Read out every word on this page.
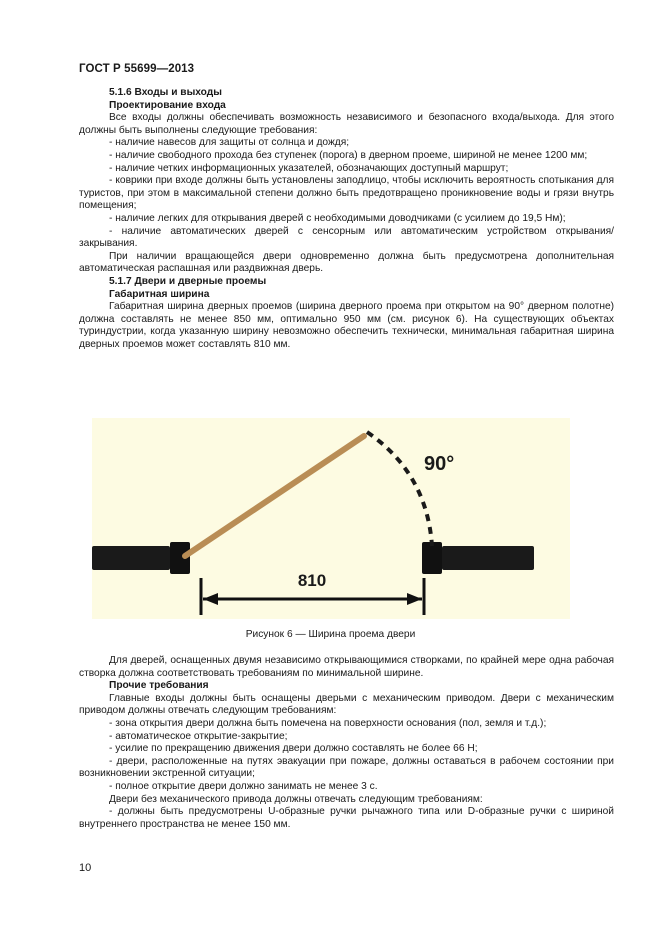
ГОСТ Р 55699—2013

5.1.6 Входы и выходы

Проектирование входа

Все входы должны обеспечивать возможность независимого и безопасного входа/выхода. Для этого должны быть выполнены следующие требования:

- наличие навесов для защиты от солнца и дождя;

- наличие свободного прохода без ступенек (порога) в дверном проеме, шириной не менее 1200 мм;

- наличие четких информационных указателей, обозначающих доступный маршрут;

- коврики при входе должны быть установлены заподлицо, чтобы исключить вероятность спотыкания для туристов, при этом в максимальной степени должно быть предотвращено проникновение воды и грязи внутрь помещения;

- наличие легких для открывания дверей с необходимыми доводчиками (с усилием до 19,5 Нм);

- наличие автоматических дверей с сенсорным или автоматическим устройством открывания/закрывания.

При наличии вращающейся двери одновременно должна быть предусмотрена дополнительная автоматическая распашная или раздвижная дверь.

5.1.7 Двери и дверные проемы

Габаритная ширина

Габаритная ширина дверных проемов (ширина дверного проема при открытом на 90° дверном полотне) должна составлять не менее 850 мм, оптимально 950 мм (см. рисунок 6). На существующих объектах туриндустрии, когда указанную ширину невозможно обеспечить технически, минимальная габаритная ширина дверных проемов может составлять 810 мм.

90°
810
Рисунок 6 — Ширина проема двери

Для дверей, оснащенных двумя независимо открывающимися створками, по крайней мере одна рабочая створка должна соответствовать требованиям по минимальной ширине.

Прочие требования

Главные входы должны быть оснащены дверьми с механическим приводом. Двери с механическим приводом должны отвечать следующим требованиям:

- зона открытия двери должна быть помечена на поверхности основания (пол, земля и т.д.);

- автоматическое открытие-закрытие;

- усилие по прекращению движения двери должно составлять не более 66 Н;

- двери, расположенные на путях эвакуации при пожаре, должны оставаться в рабочем состоянии при возникновении экстренной ситуации;

- полное открытие двери должно занимать не менее 3 с.

Двери без механического привода должны отвечать следующим требованиям:

- должны быть предусмотрены U-образные ручки рычажного типа или D-образные ручки с шириной внутреннего пространства не менее 150 мм.

10
